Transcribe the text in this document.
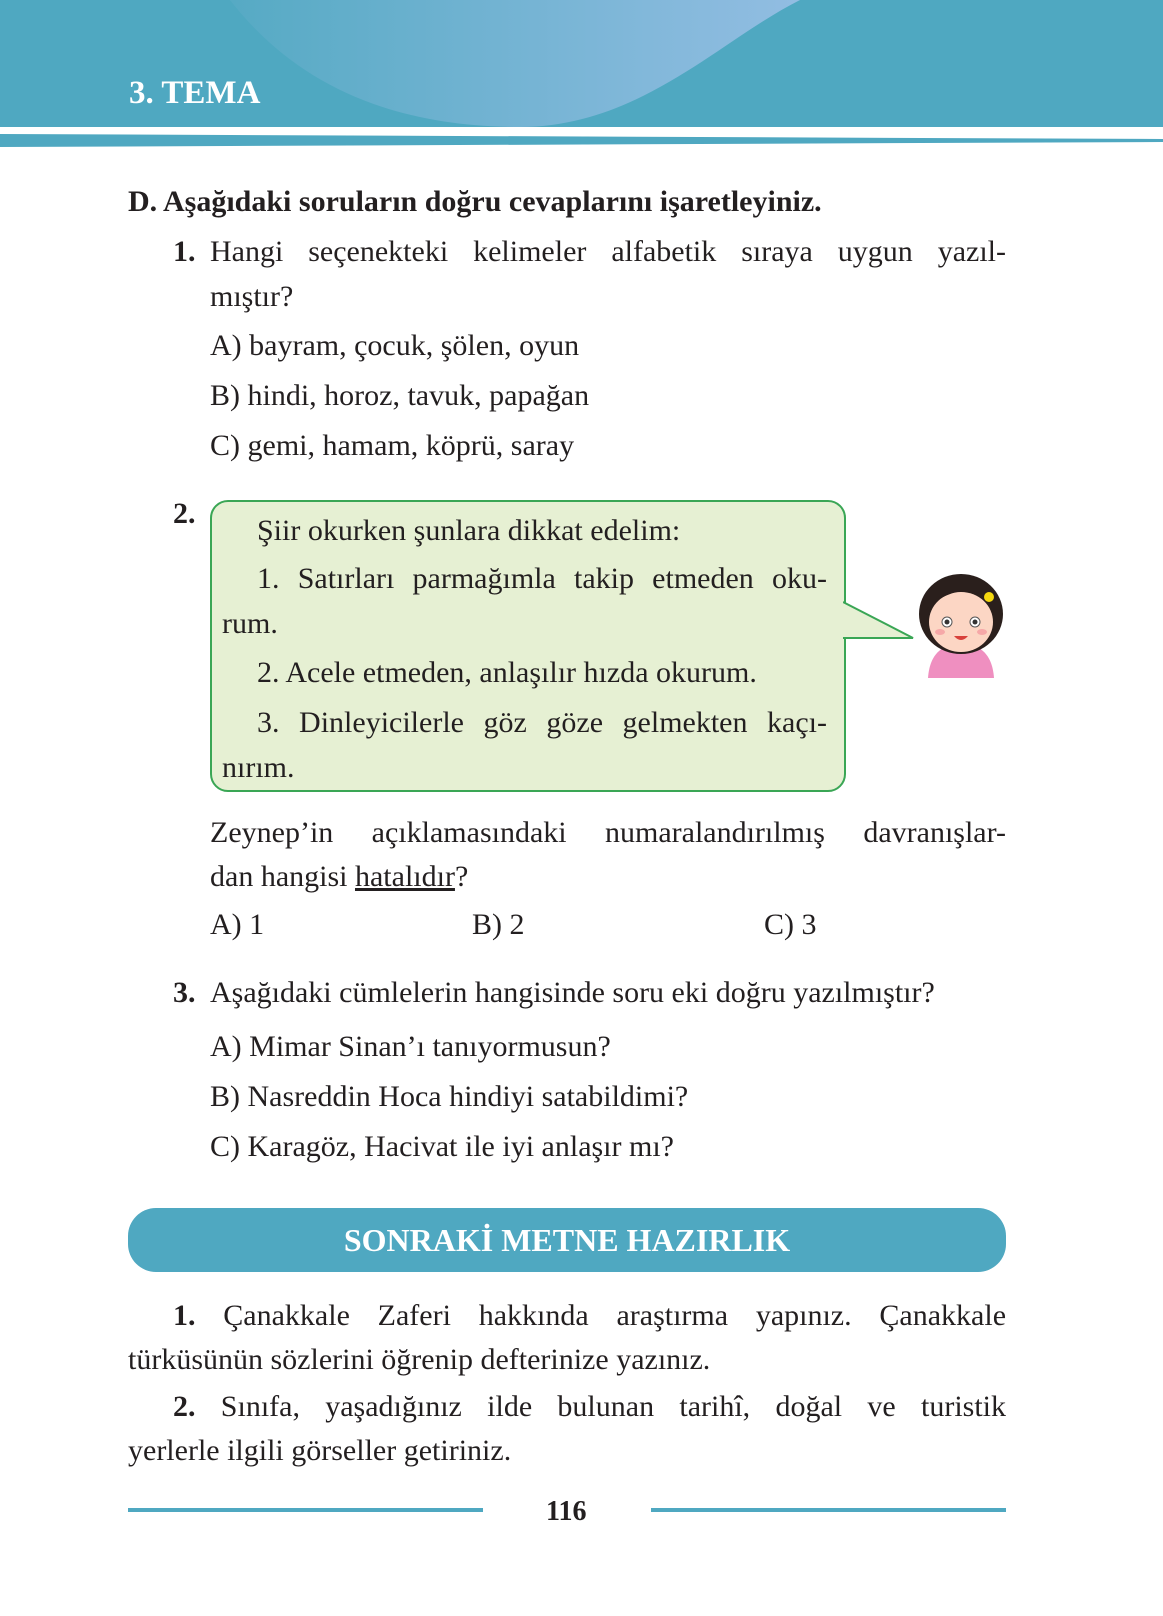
3. TEMA
D. Aşağıdaki soruların doğru cevaplarını işaretleyiniz.
1. Hangi seçenekteki kelimeler alfabetik sıraya uygun yazıl-
mıştır?
A) bayram, çocuk, şölen, oyun
B) hindi, horoz, tavuk, papağan
C) gemi, hamam, köprü, saray
2.
Şiir okurken şunlara dikkat edelim:
1. Satırları parmağımla takip etmeden oku-
rum.
2. Acele etmeden, anlaşılır hızda okurum.
3. Dinleyicilerle göz göze gelmekten kaçı-
nırım.
Zeynep’in açıklamasındaki numaralandırılmış davranışlar-
dan hangisi hatalıdır?
A) 1	B) 2	C) 3
3. Aşağıdaki cümlelerin hangisinde soru eki doğru yazılmıştır?
A) Mimar Sinan’ı tanıyormusun?
B) Nasreddin Hoca hindiyi satabildimi?
C) Karagöz, Hacivat ile iyi anlaşır mı?
SONRAKİ METNE HAZIRLIK
1. Çanakkale Zaferi hakkında araştırma yapınız. Çanakkale
türküsünün sözlerini öğrenip defterinize yazınız.
2. Sınıfa, yaşadığınız ilde bulunan tarihî, doğal ve turistik
yerlerle ilgili görseller getiriniz.
116
